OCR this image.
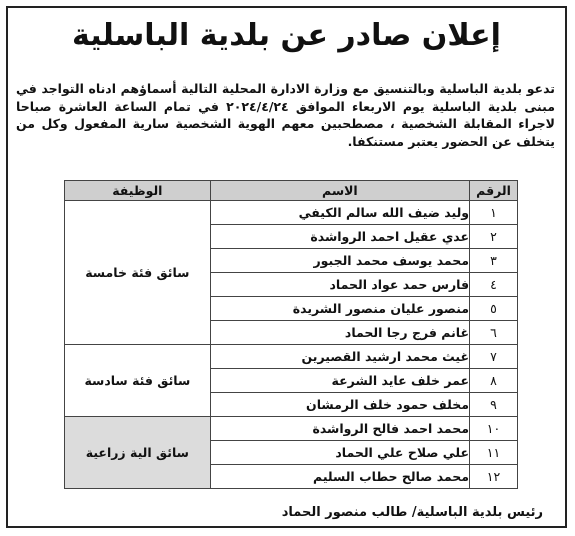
إعلان صادر عن بلدية الباسلية
تدعو بلدية الباسلية وبالتنسيق مع وزارة الادارة المحلية التالية أسماؤهم ادناه التواجد في مبنى بلدية الباسلية يوم الاربعاء الموافق ٢٠٢٤/٤/٢٤ في تمام الساعة العاشرة صباحا لاجراء المقابلة الشخصية ، مصطحبين معهم الهوية الشخصية سارية المفعول وكل من يتخلف عن الحضور يعتبر مستنكفا.
الرقم	الاسم	الوظيفة
١	وليد ضيف الله سالم الكيفي	سائق فئة خامسة
٢	عدي عقيل احمد الرواشدة	
٣	محمد يوسف محمد الجبور	
٤	فارس حمد عواد الحماد	
٥	منصور عليان منصور الشريدة	
٦	غانم فرج رجا الحماد	
٧	غيث محمد ارشيد القصيرين	سائق فئة سادسة
٨	عمر خلف عايد الشرعة	
٩	مخلف حمود خلف الرمشان	
١٠	محمد احمد فالح الرواشدة	سائق الية زراعية
١١	علي صلاح علي الحماد	
١٢	محمد صالح حطاب السليم	
رئيس بلدية الباسلية/ طالب منصور الحماد
